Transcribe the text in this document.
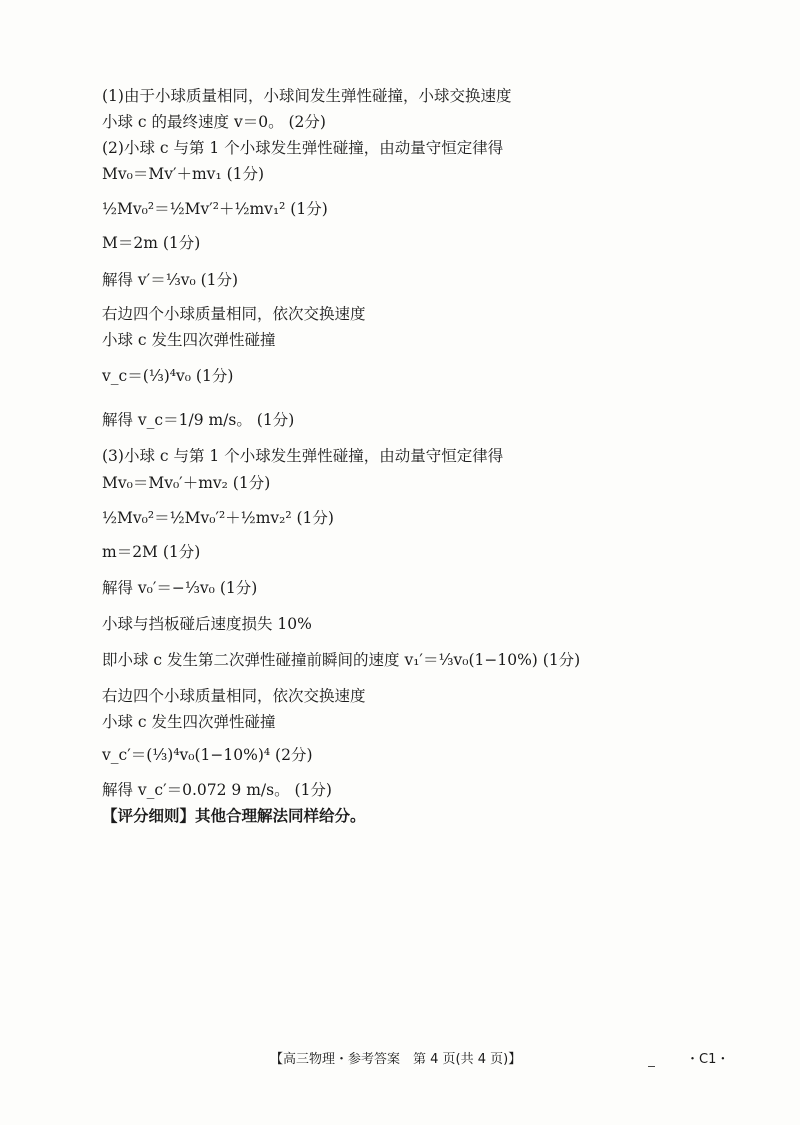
(1)由于小球质量相同，小球间发生弹性碰撞，小球交换速度
小球 c 的最终速度 v＝0。 (2分)
(2)小球 c 与第 1 个小球发生弹性碰撞，由动量守恒定律得
Mv₀＝Mv′＋mv₁ (1分)
½Mv₀²＝½Mv′²＋½mv₁² (1分)
M＝2m (1分)
解得 v′＝⅓v₀ (1分)
右边四个小球质量相同，依次交换速度
小球 c 发生四次弹性碰撞
v_c＝(⅓)⁴v₀ (1分)
解得 v_c＝1/9 m/s。 (1分)
(3)小球 c 与第 1 个小球发生弹性碰撞，由动量守恒定律得
Mv₀＝Mv₀′＋mv₂ (1分)
½Mv₀²＝½Mv₀′²＋½mv₂² (1分)
m＝2M (1分)
解得 v₀′＝−⅓v₀ (1分)
小球与挡板碰后速度损失 10%
即小球 c 发生第二次弹性碰撞前瞬间的速度 v₁′＝⅓v₀(1−10%) (1分)
右边四个小球质量相同，依次交换速度
小球 c 发生四次弹性碰撞
v_c′＝(⅓)⁴v₀(1−10%)⁴ (2分)
解得 v_c′＝0.072 9 m/s。 (1分)
【评分细则】其他合理解法同样给分。
【高三物理・参考答案　第 4 页(共 4 页)】	・C1・
